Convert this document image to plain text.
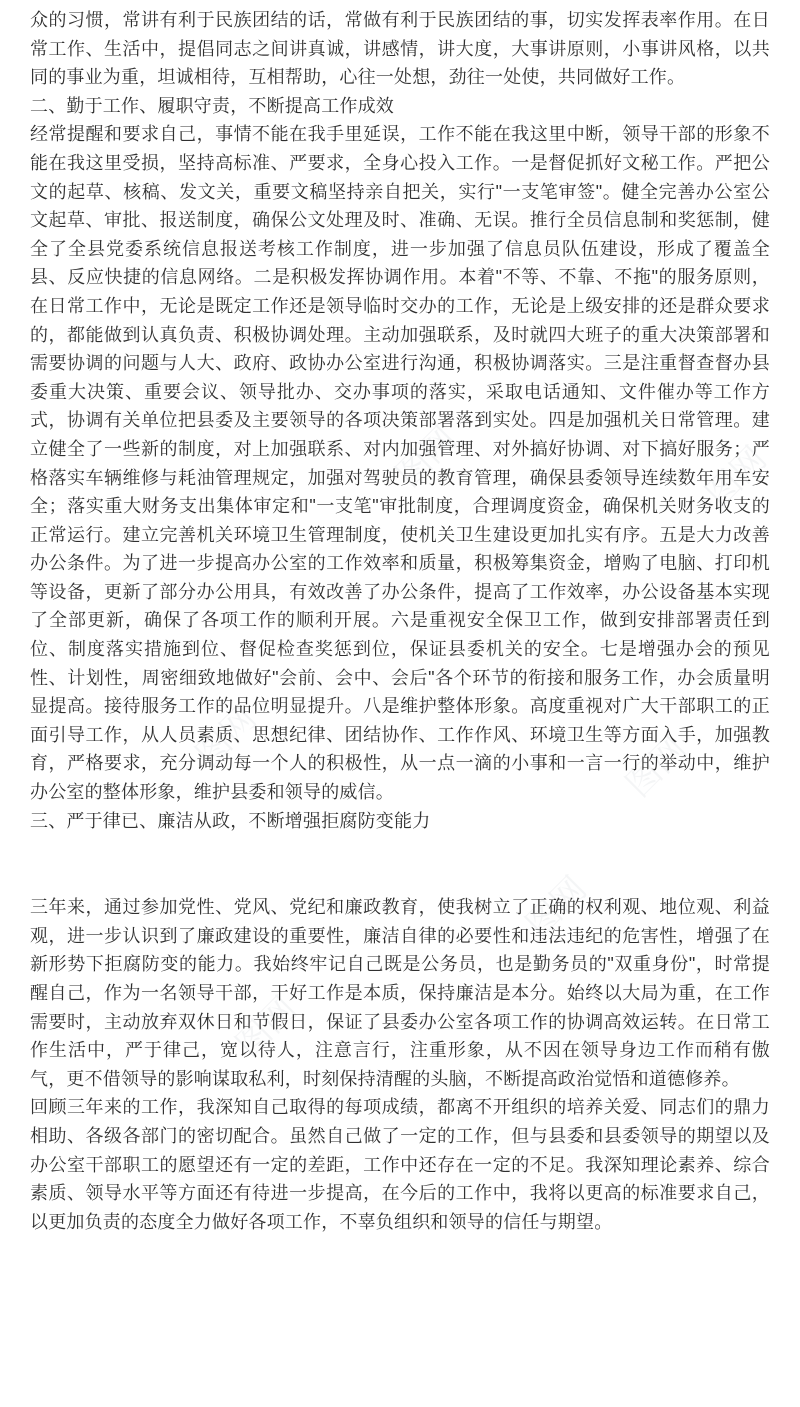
图网	图网
图网	图网
图网
图网

众的习惯，常讲有利于民族团结的话，常做有利于民族团结的事，切实发挥表率作用。在日常工作、生活中，提倡同志之间讲真诚，讲感情，讲大度，大事讲原则，小事讲风格，以共同的事业为重，坦诚相待，互相帮助，心往一处想，劲往一处使，共同做好工作。

二、勤于工作、履职守责，不断提高工作成效

经常提醒和要求自己，事情不能在我手里延误，工作不能在我这里中断，领导干部的形象不能在我这里受损，坚持高标准、严要求，全身心投入工作。一是督促抓好文秘工作。严把公文的起草、核稿、发文关，重要文稿坚持亲自把关，实行"一支笔审签"。健全完善办公室公文起草、审批、报送制度，确保公文处理及时、准确、无误。推行全员信息制和奖惩制，健全了全县党委系统信息报送考核工作制度，进一步加强了信息员队伍建设，形成了覆盖全县、反应快捷的信息网络。二是积极发挥协调作用。本着"不等、不靠、不拖"的服务原则，在日常工作中，无论是既定工作还是领导临时交办的工作，无论是上级安排的还是群众要求的，都能做到认真负责、积极协调处理。主动加强联系，及时就四大班子的重大决策部署和需要协调的问题与人大、政府、政协办公室进行沟通，积极协调落实。三是注重督查督办县委重大决策、重要会议、领导批办、交办事项的落实，采取电话通知、文件催办等工作方式，协调有关单位把县委及主要领导的各项决策部署落到实处。四是加强机关日常管理。建立健全了一些新的制度，对上加强联系、对内加强管理、对外搞好协调、对下搞好服务；严格落实车辆维修与耗油管理规定，加强对驾驶员的教育管理，确保县委领导连续数年用车安全；落实重大财务支出集体审定和"一支笔"审批制度，合理调度资金，确保机关财务收支的正常运行。建立完善机关环境卫生管理制度，使机关卫生建设更加扎实有序。五是大力改善办公条件。为了进一步提高办公室的工作效率和质量，积极筹集资金，增购了电脑、打印机等设备，更新了部分办公用具，有效改善了办公条件，提高了工作效率，办公设备基本实现了全部更新，确保了各项工作的顺利开展。六是重视安全保卫工作，做到安排部署责任到位、制度落实措施到位、督促检查奖惩到位，保证县委机关的安全。七是增强办会的预见性、计划性，周密细致地做好"会前、会中、会后"各个环节的衔接和服务工作，办会质量明显提高。接待服务工作的品位明显提升。八是维护整体形象。高度重视对广大干部职工的正面引导工作，从人员素质、思想纪律、团结协作、工作作风、环境卫生等方面入手，加强教育，严格要求，充分调动每一个人的积极性，从一点一滴的小事和一言一行的举动中，维护办公室的整体形象，维护县委和领导的威信。

三、严于律已、廉洁从政，不断增强拒腐防变能力

三年来，通过参加党性、党风、党纪和廉政教育，使我树立了正确的权利观、地位观、利益观，进一步认识到了廉政建设的重要性，廉洁自律的必要性和违法违纪的危害性，增强了在新形势下拒腐防变的能力。我始终牢记自己既是公务员，也是勤务员的"双重身份"，时常提醒自己，作为一名领导干部，干好工作是本质，保持廉洁是本分。始终以大局为重，在工作需要时，主动放弃双休日和节假日，保证了县委办公室各项工作的协调高效运转。在日常工作生活中，严于律己，宽以待人，注意言行，注重形象，从不因在领导身边工作而稍有傲气，更不借领导的影响谋取私利，时刻保持清醒的头脑，不断提高政治觉悟和道德修养。

回顾三年来的工作，我深知自己取得的每项成绩，都离不开组织的培养关爱、同志们的鼎力相助、各级各部门的密切配合。虽然自己做了一定的工作，但与县委和县委领导的期望以及办公室干部职工的愿望还有一定的差距，工作中还存在一定的不足。我深知理论素养、综合素质、领导水平等方面还有待进一步提高，在今后的工作中，我将以更高的标准要求自己，以更加负责的态度全力做好各项工作，不辜负组织和领导的信任与期望。
